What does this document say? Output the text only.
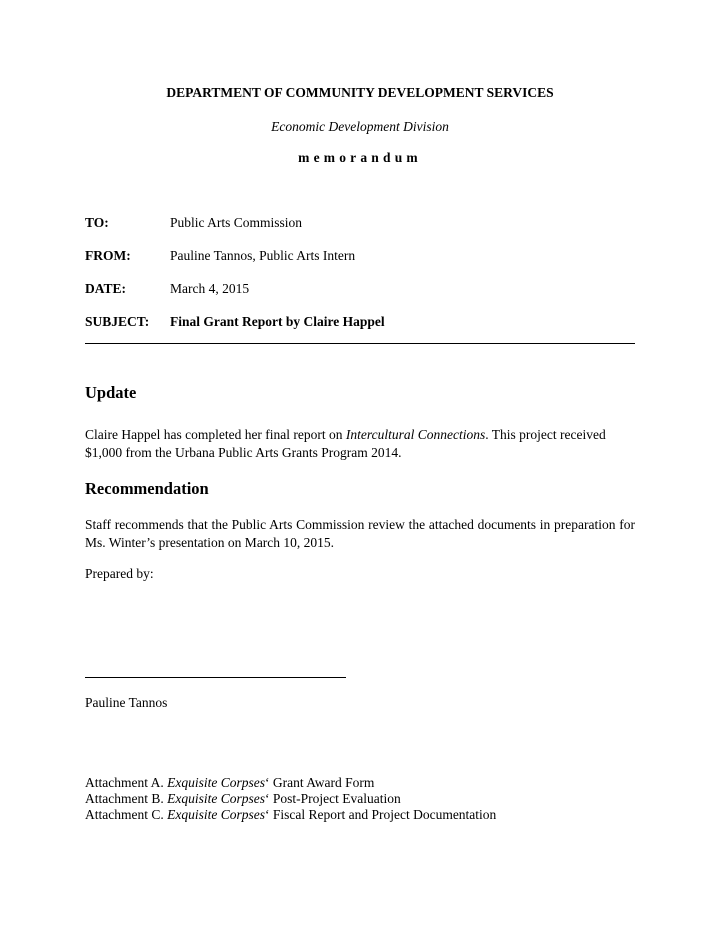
DEPARTMENT OF COMMUNITY DEVELOPMENT SERVICES
Economic Development Division
memorandum
TO:	Public Arts Commission
FROM:	Pauline Tannos, Public Arts Intern
DATE:	March 4, 2015
SUBJECT: Final Grant Report by Claire Happel
Update
Claire Happel has completed her final report on Intercultural Connections. This project received $1,000 from the Urbana Public Arts Grants Program 2014.
Recommendation
Staff recommends that the Public Arts Commission review the attached documents in preparation for Ms. Winter’s presentation on March 10, 2015.
Prepared by:
Pauline Tannos
Attachment A. Exquisite Corpses‘ Grant Award Form
Attachment B. Exquisite Corpses‘ Post-Project Evaluation
Attachment C. Exquisite Corpses‘ Fiscal Report and Project Documentation
